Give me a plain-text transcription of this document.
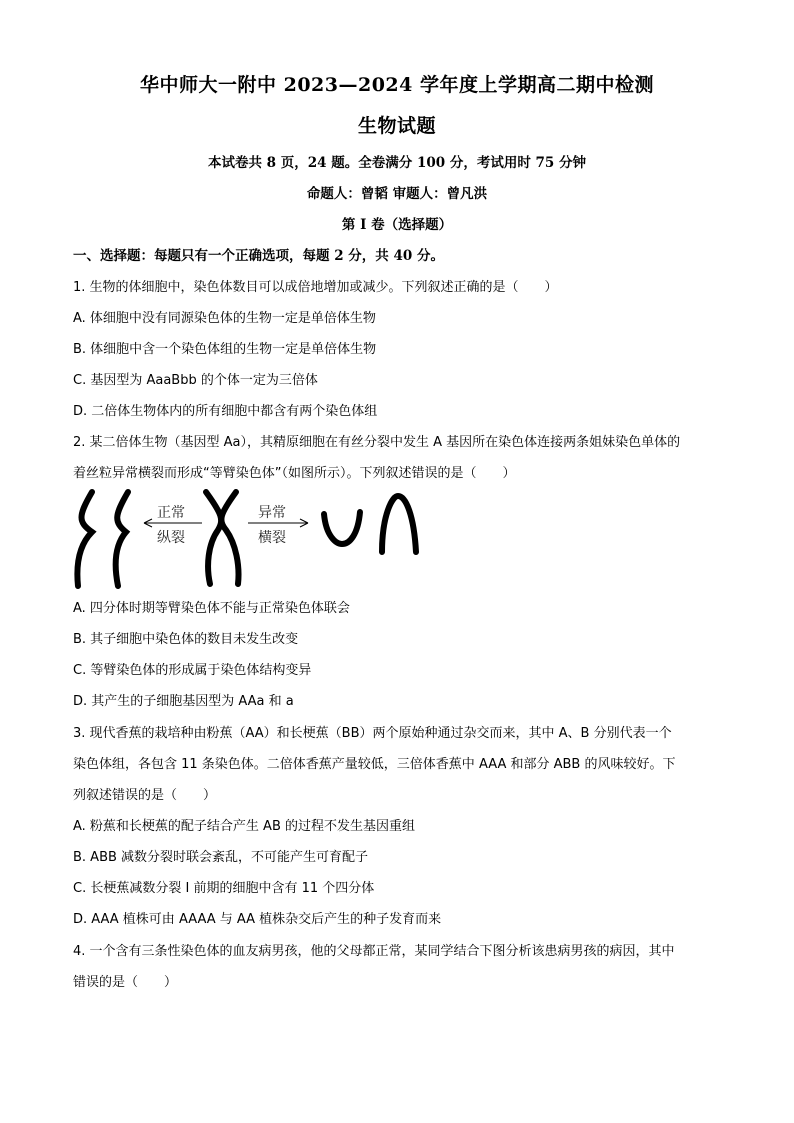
华中师大一附中 2023—2024 学年度上学期高二期中检测
生物试题
本试卷共 8 页，24 题。全卷满分 100 分，考试用时 75 分钟
命题人：曾韬 审题人：曾凡洪
第 I 卷（选择题）
一、选择题：每题只有一个正确选项，每题 2 分，共 40 分。
1. 生物的体细胞中，染色体数目可以成倍地增加或减少。下列叙述正确的是（　　）
A. 体细胞中没有同源染色体的生物一定是单倍体生物
B. 体细胞中含一个染色体组的生物一定是单倍体生物
C. 基因型为 AaaBbb 的个体一定为三倍体
D. 二倍体生物体内的所有细胞中都含有两个染色体组
2. 某二倍体生物（基因型 Aa），其精原细胞在有丝分裂中发生 A 基因所在染色体连接两条姐妹染色单体的
着丝粒异常横裂而形成“等臂染色体”（如图所示）。下列叙述错误的是（　　）
正常
纵裂
异常
横裂
A. 四分体时期等臂染色体不能与正常染色体联会
B. 其子细胞中染色体的数目未发生改变
C. 等臂染色体的形成属于染色体结构变异
D. 其产生的子细胞基因型为 AAa 和 a
3. 现代香蕉的栽培种由粉蕉（AA）和长梗蕉（BB）两个原始种通过杂交而来，其中 A、B 分别代表一个
染色体组，各包含 11 条染色体。二倍体香蕉产量较低，三倍体香蕉中 AAA 和部分 ABB 的风味较好。下
列叙述错误的是（　　）
A. 粉蕉和长梗蕉的配子结合产生 AB 的过程不发生基因重组
B. ABB 减数分裂时联会紊乱，不可能产生可育配子
C. 长梗蕉减数分裂 I 前期的细胞中含有 11 个四分体
D. AAA 植株可由 AAAA 与 AA 植株杂交后产生的种子发育而来
4. 一个含有三条性染色体的血友病男孩，他的父母都正常，某同学结合下图分析该患病男孩的病因，其中
错误的是（　　）
